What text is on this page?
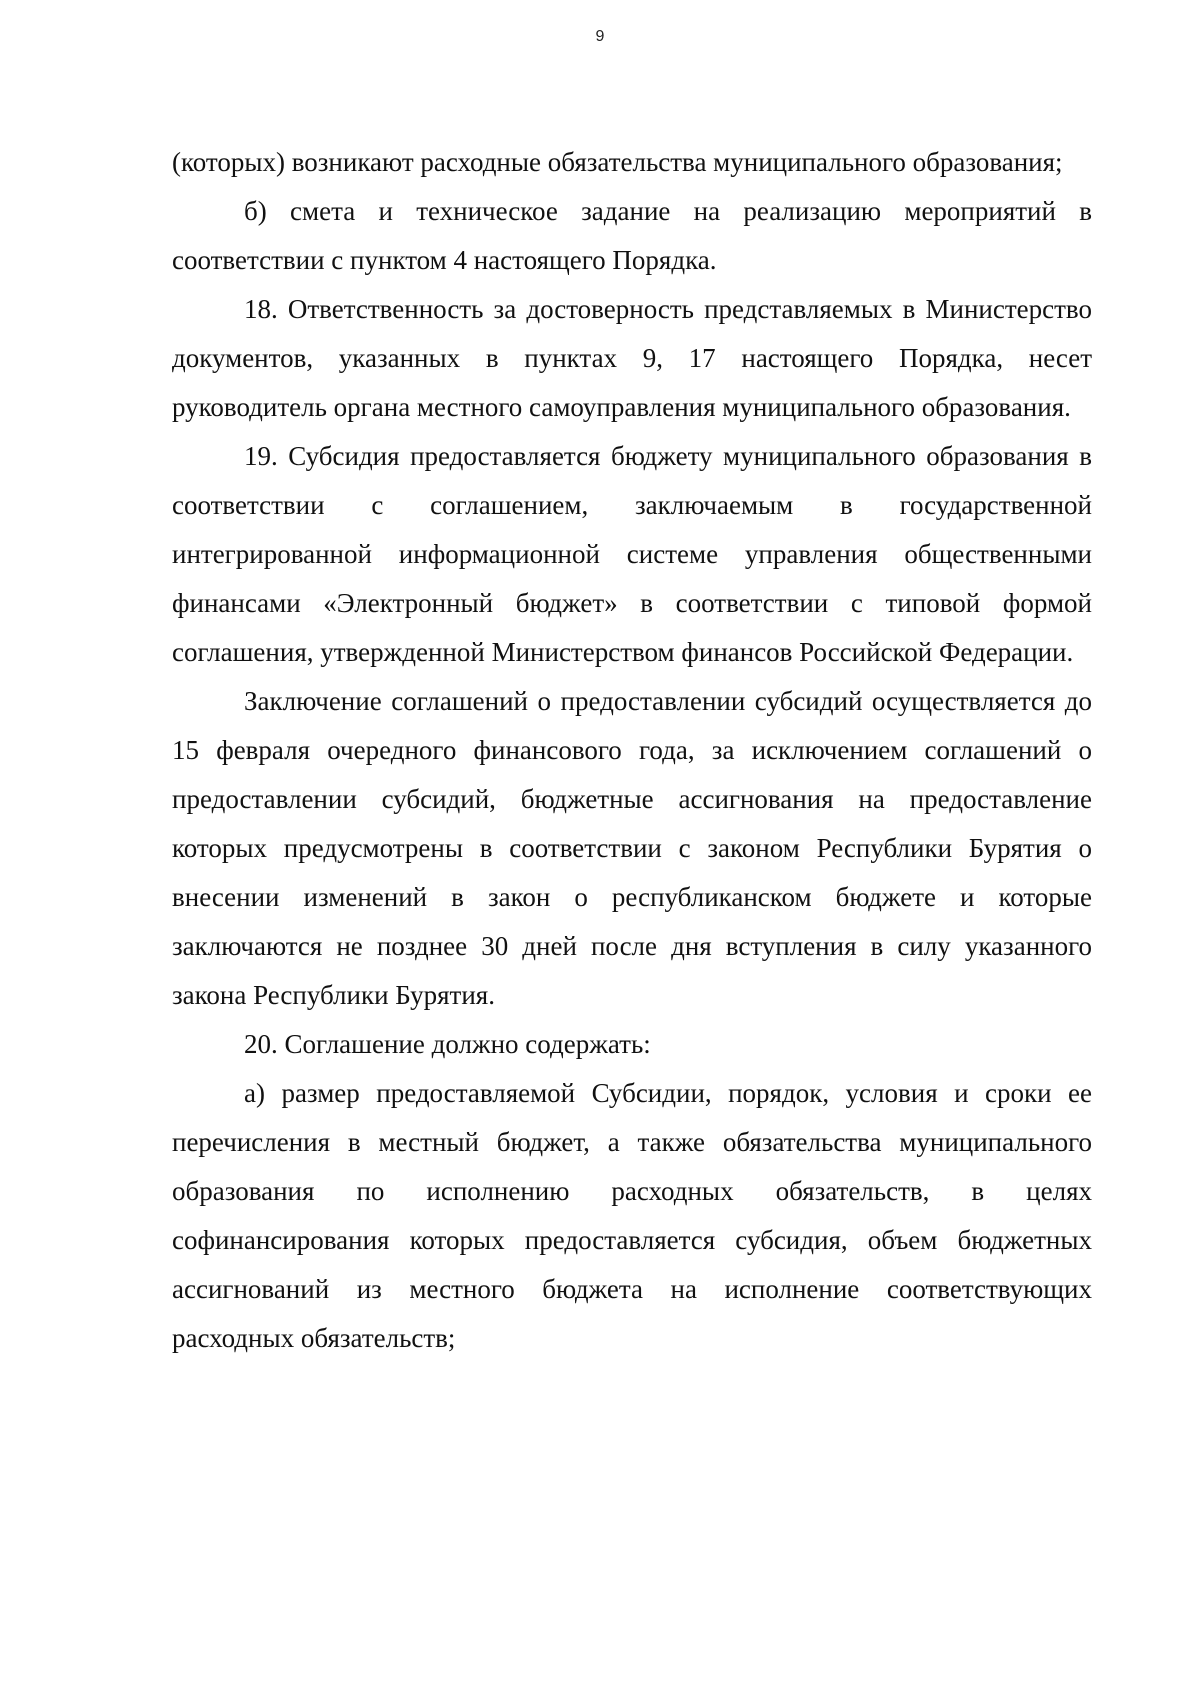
9

(которых) возникают расходные обязательства муниципального образования;

б) смета и техническое задание на реализацию мероприятий в соответствии с пунктом 4 настоящего Порядка.

18. Ответственность за достоверность представляемых в Министерство документов, указанных в пунктах 9, 17 настоящего Порядка, несет руководитель органа местного самоуправления муниципального образования.

19. Субсидия предоставляется бюджету муниципального образования в соответствии с соглашением, заключаемым в государственной интегрированной информационной системе управления общественными финансами «Электронный бюджет» в соответствии с типовой формой соглашения, утвержденной Министерством финансов Российской Федерации.

Заключение соглашений о предоставлении субсидий осуществляется до 15 февраля очередного финансового года, за исключением соглашений о предоставлении субсидий, бюджетные ассигнования на предоставление которых предусмотрены в соответствии с законом Республики Бурятия о внесении изменений в закон о республиканском бюджете и которые заключаются не позднее 30 дней после дня вступления в силу указанного закона Республики Бурятия.

20. Соглашение должно содержать:

а) размер предоставляемой Субсидии, порядок, условия и сроки ее перечисления в местный бюджет, а также обязательства муниципального образования по исполнению расходных обязательств, в целях софинансирования которых предоставляется субсидия, объем бюджетных ассигнований из местного бюджета на исполнение соответствующих расходных обязательств;
